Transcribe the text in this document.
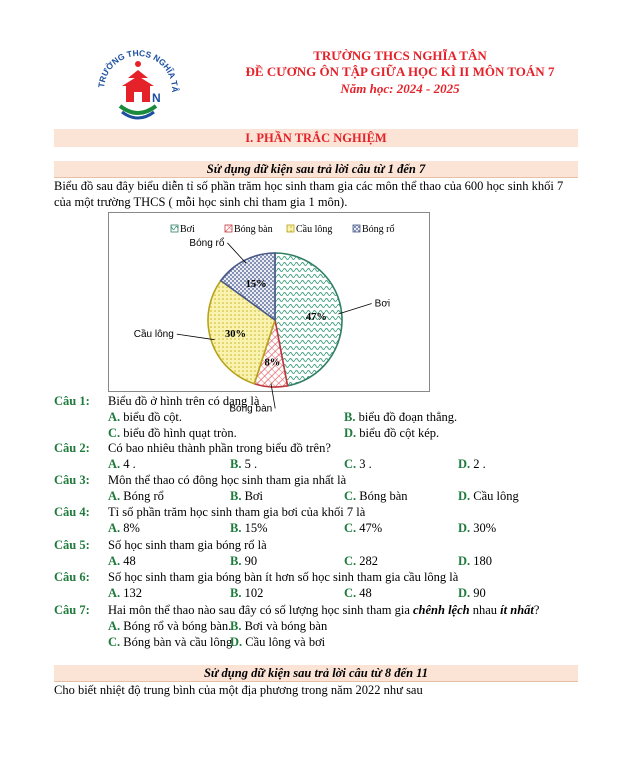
TRƯỜNG THCS NGHĨA TÂ
N
TRƯỜNG THCS NGHĨA TÂN
ĐỀ CƯƠNG ÔN TẬP GIỮA HỌC KÌ II MÔN TOÁN 7
Năm học: 2024 - 2025
I. PHẦN TRẮC NGHIỆM
Sử dụng dữ kiện sau trả lời câu từ 1 đến 7
Biểu đồ sau đây biểu diễn tỉ số phần trăm học sinh tham gia các môn thể thao của 600 học sinh khối 7 của một trường THCS ( mỗi học sinh chỉ tham gia 1 môn).
Bơi	Bóng bàn Cầu lông	Bóng rổ
47%
Bơi
8%
Bóng bàn
30%
Cầu lông
15%
Bóng rổ
Câu 1: Biểu đồ ở hình trên có dạng là
A. biểu đồ cột.	B. biểu đồ đoạn thẳng.
C. biểu đồ hình quạt tròn.	D. biểu đồ cột kép.
Câu 2: Có bao nhiêu thành phần trong biểu đồ trên?
A. 4 .	B. 5 .	C. 3 .	D. 2 .
Câu 3: Môn thể thao có đông học sinh tham gia nhất là
A. Bóng rổ	B. Bơi	C. Bóng bàn	D. Cầu lông
Câu 4: Tỉ số phần trăm học sinh tham gia bơi của khối 7 là
A. 8%	B. 15%	C. 47%	D. 30%
Câu 5: Số học sinh tham gia bóng rổ là
A. 48	B. 90	C. 282	D. 180
Câu 6: Số học sinh tham gia bóng bàn ít hơn số học sinh tham gia cầu lông là
A. 132	B. 102	C. 48	D. 90
Câu 7: Hai môn thể thao nào sau đây có số lượng học sinh tham gia chênh lệch nhau ít nhất?
A. Bóng rổ và bóng bàn.
B. Bơi và bóng bàn
C. Bóng bàn và cầu lông
D. Cầu lông và bơi
Sử dụng dữ kiện sau trả lời câu từ 8 đến 11
Cho biết nhiệt độ trung bình của một địa phương trong năm 2022 như sau
